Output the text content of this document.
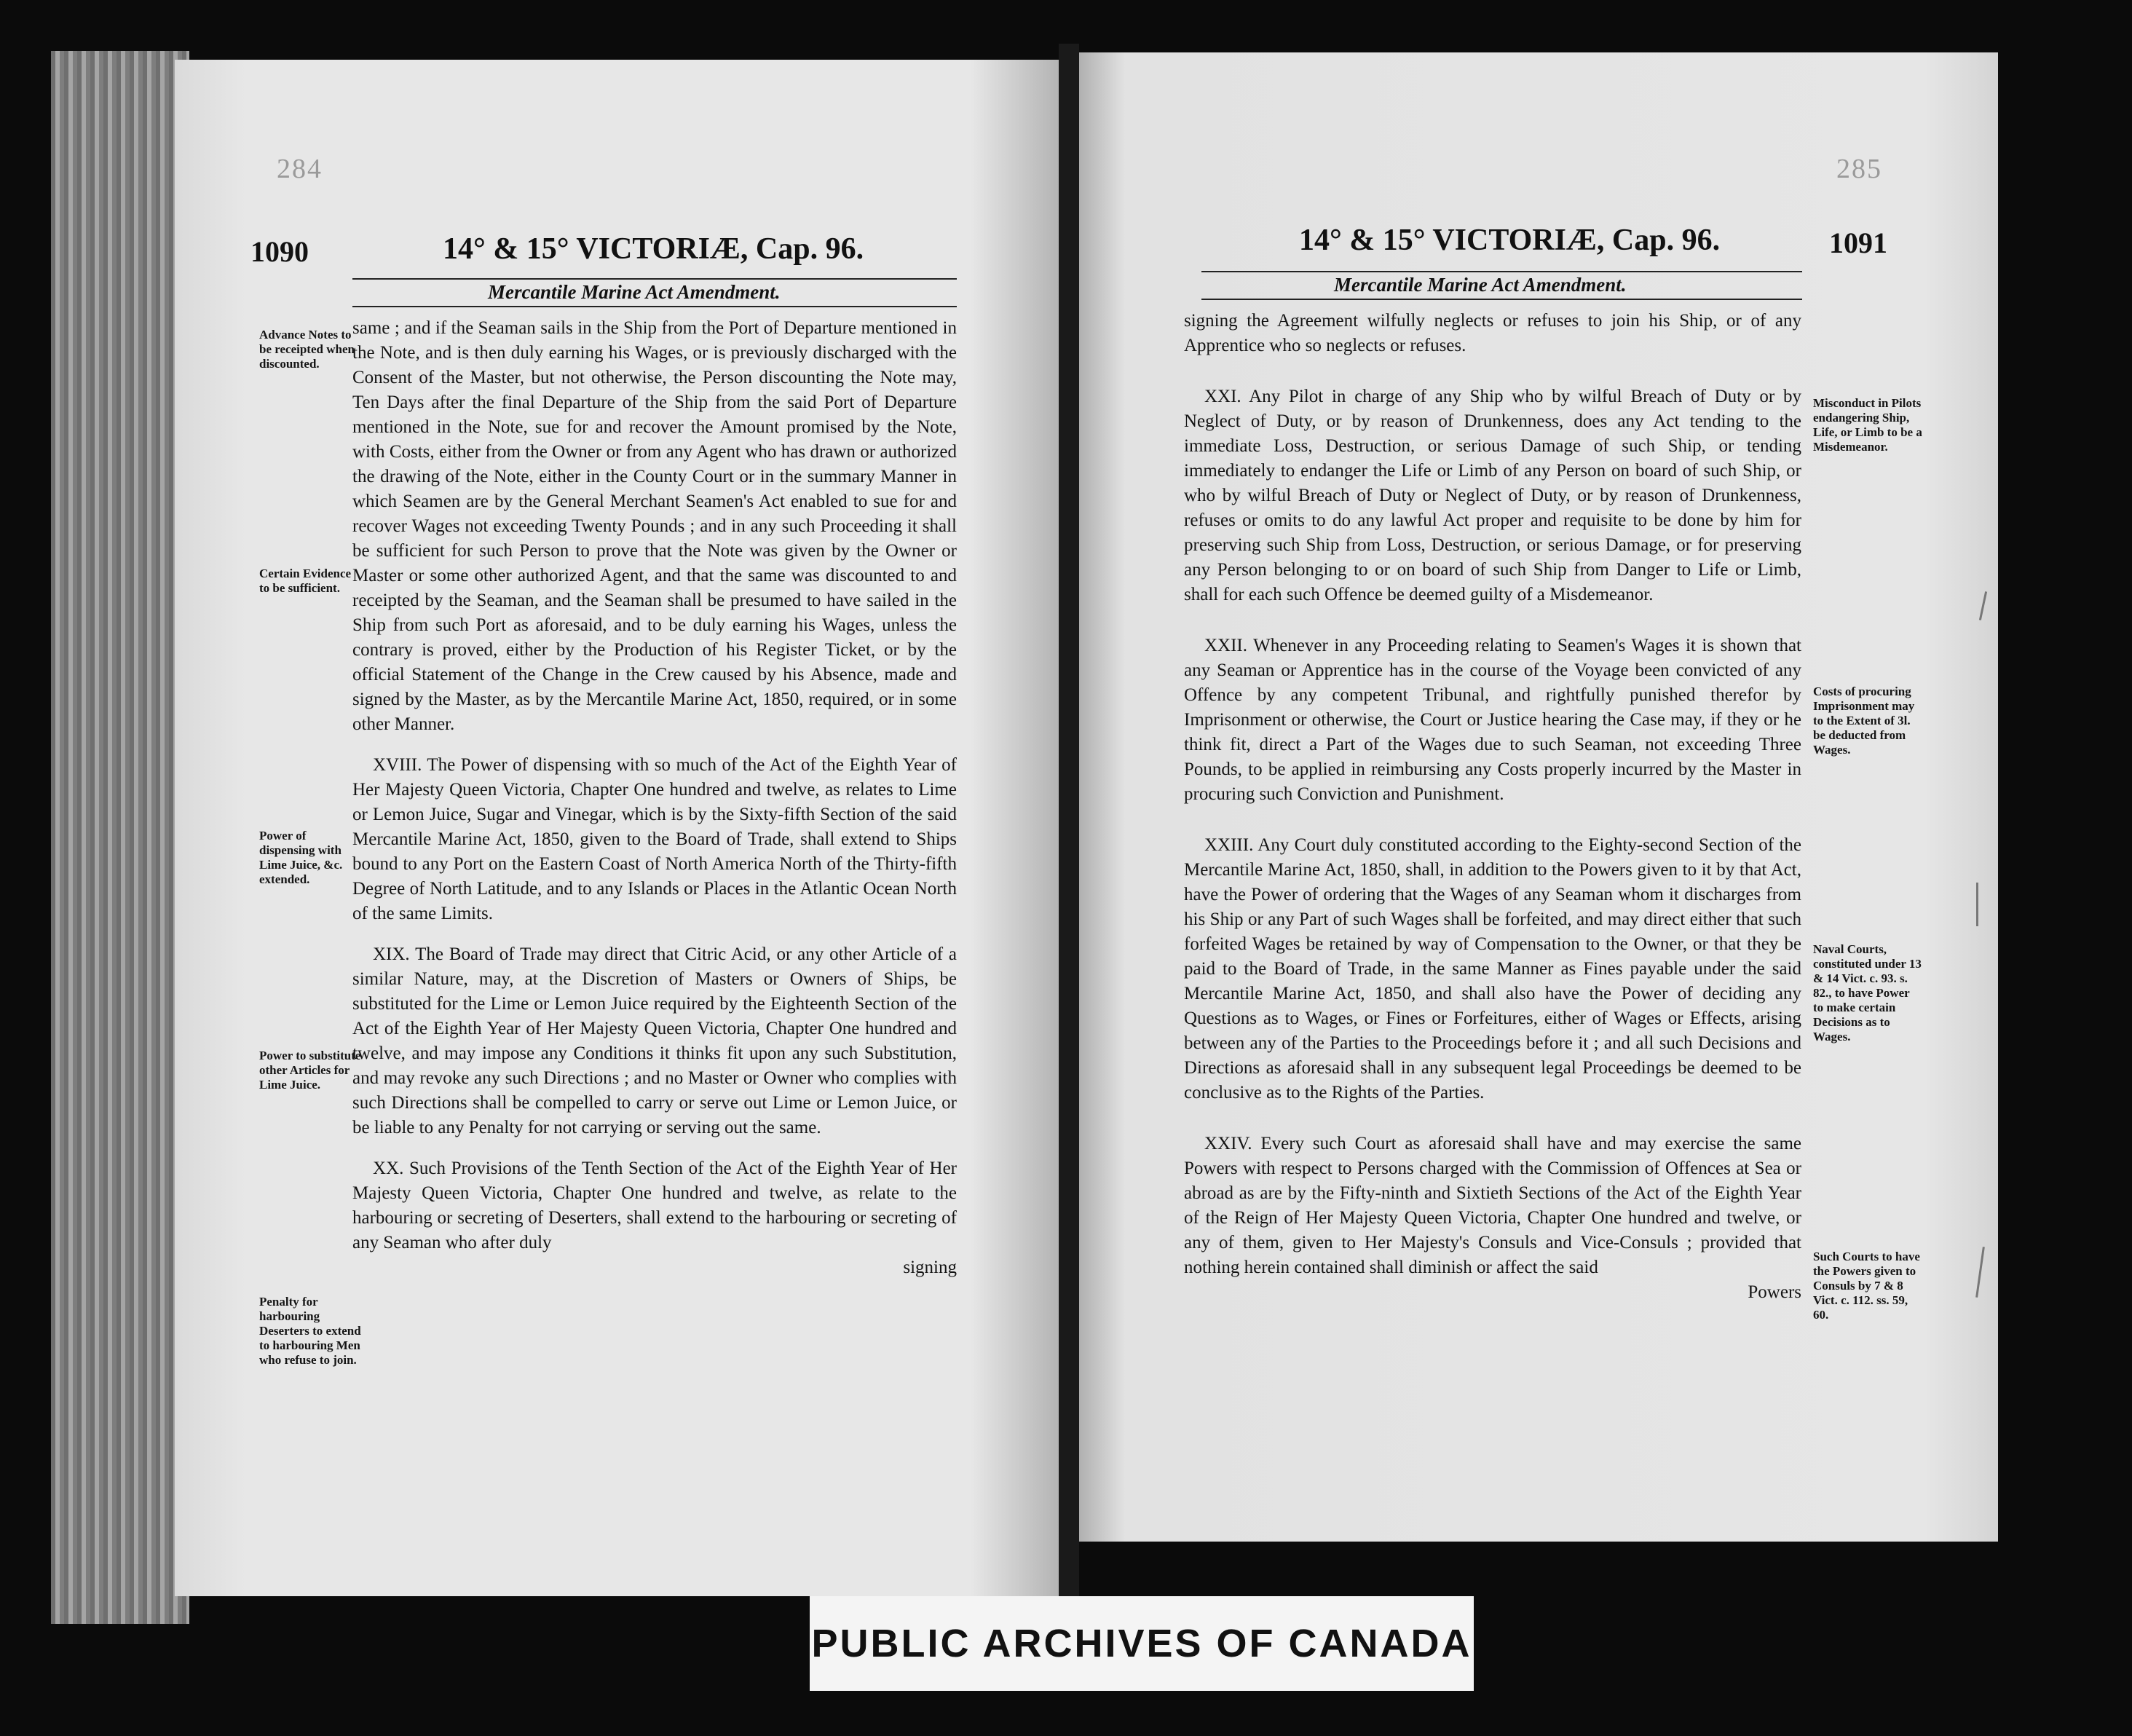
284
1090	14° & 15° VICTORIÆ, Cap. 96.
Mercantile Marine Act Amendment.
Advance Notes to be receipted when discounted.
Certain Evidence to be sufficient.
Power of dispensing with Lime Juice, &c. extended.
Power to substitute other Articles for Lime Juice.
Penalty for harbouring Deserters to extend to harbouring Men who refuse to join.

same ; and if the Seaman sails in the Ship from the Port of Departure mentioned in the Note, and is then duly earning his Wages, or is previously discharged with the Consent of the Master, but not otherwise, the Person discounting the Note may, Ten Days after the final Departure of the Ship from the said Port of Departure mentioned in the Note, sue for and recover the Amount promised by the Note, with Costs, either from the Owner or from any Agent who has drawn or authorized the drawing of the Note, either in the County Court or in the summary Manner in which Seamen are by the General Merchant Seamen's Act enabled to sue for and recover Wages not exceeding Twenty Pounds ; and in any such Proceeding it shall be sufficient for such Person to prove that the Note was given by the Owner or Master or some other authorized Agent, and that the same was discounted to and receipted by the Seaman, and the Seaman shall be presumed to have sailed in the Ship from such Port as aforesaid, and to be duly earning his Wages, unless the contrary is proved, either by the Production of his Register Ticket, or by the official Statement of the Change in the Crew caused by his Absence, made and signed by the Master, as by the Mercantile Marine Act, 1850, required, or in some other Manner.

XVIII. The Power of dispensing with so much of the Act of the Eighth Year of Her Majesty Queen Victoria, Chapter One hundred and twelve, as relates to Lime or Lemon Juice, Sugar and Vinegar, which is by the Sixty-fifth Section of the said Mercantile Marine Act, 1850, given to the Board of Trade, shall extend to Ships bound to any Port on the Eastern Coast of North America North of the Thirty-fifth Degree of North Latitude, and to any Islands or Places in the Atlantic Ocean North of the same Limits.

XIX. The Board of Trade may direct that Citric Acid, or any other Article of a similar Nature, may, at the Discretion of Masters or Owners of Ships, be substituted for the Lime or Lemon Juice required by the Eighteenth Section of the Act of the Eighth Year of Her Majesty Queen Victoria, Chapter One hundred and twelve, and may impose any Conditions it thinks fit upon any such Substitution, and may revoke any such Directions ; and no Master or Owner who complies with such Directions shall be compelled to carry or serve out Lime or Lemon Juice, or be liable to any Penalty for not carrying or serving out the same.

XX. Such Provisions of the Tenth Section of the Act of the Eighth Year of Her Majesty Queen Victoria, Chapter One hundred and twelve, as relate to the harbouring or secreting of Deserters, shall extend to the harbouring or secreting of any Seaman who after duly

signing

285
14° & 15° VICTORIÆ, Cap. 96.	1091
Mercantile Marine Act Amendment.
Misconduct in Pilots endangering Ship, Life, or Limb to be a Misdemeanor.
Costs of procuring Imprisonment may to the Extent of 3l. be deducted from Wages.
Naval Courts, constituted under 13 & 14 Vict. c. 93. s. 82., to have Power to make certain Decisions as to Wages.
Such Courts to have the Powers given to Consuls by 7 & 8 Vict. c. 112. ss. 59, 60.

signing the Agreement wilfully neglects or refuses to join his Ship, or of any Apprentice who so neglects or refuses.

XXI. Any Pilot in charge of any Ship who by wilful Breach of Duty or by Neglect of Duty, or by reason of Drunkenness, does any Act tending to the immediate Loss, Destruction, or serious Damage of such Ship, or tending immediately to endanger the Life or Limb of any Person on board of such Ship, or who by wilful Breach of Duty or Neglect of Duty, or by reason of Drunkenness, refuses or omits to do any lawful Act proper and requisite to be done by him for preserving such Ship from Loss, Destruction, or serious Damage, or for preserving any Person belonging to or on board of such Ship from Danger to Life or Limb, shall for each such Offence be deemed guilty of a Misdemeanor.

XXII. Whenever in any Proceeding relating to Seamen's Wages it is shown that any Seaman or Apprentice has in the course of the Voyage been convicted of any Offence by any competent Tribunal, and rightfully punished therefor by Imprisonment or otherwise, the Court or Justice hearing the Case may, if they or he think fit, direct a Part of the Wages due to such Seaman, not exceeding Three Pounds, to be applied in reimbursing any Costs properly incurred by the Master in procuring such Conviction and Punishment.

XXIII. Any Court duly constituted according to the Eighty-second Section of the Mercantile Marine Act, 1850, shall, in addition to the Powers given to it by that Act, have the Power of ordering that the Wages of any Seaman whom it discharges from his Ship or any Part of such Wages shall be forfeited, and may direct either that such forfeited Wages be retained by way of Compensation to the Owner, or that they be paid to the Board of Trade, in the same Manner as Fines payable under the said Mercantile Marine Act, 1850, and shall also have the Power of deciding any Questions as to Wages, or Fines or Forfeitures, either of Wages or Effects, arising between any of the Parties to the Proceedings before it ; and all such Decisions and Directions as aforesaid shall in any subsequent legal Proceedings be deemed to be conclusive as to the Rights of the Parties.

XXIV. Every such Court as aforesaid shall have and may exercise the same Powers with respect to Persons charged with the Commission of Offences at Sea or abroad as are by the Fifty-ninth and Sixtieth Sections of the Act of the Eighth Year of the Reign of Her Majesty Queen Victoria, Chapter One hundred and twelve, or any of them, given to Her Majesty's Consuls and Vice-Consuls ; provided that nothing herein contained shall diminish or affect the said

Powers

PUBLIC ARCHIVES OF CANADA
